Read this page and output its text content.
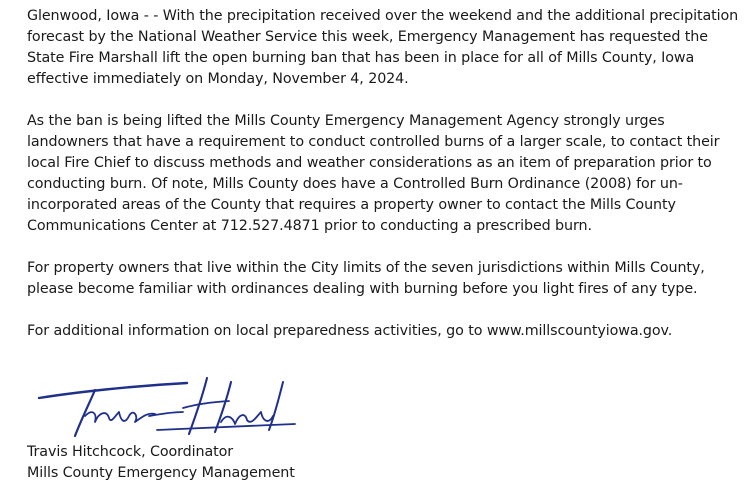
Glenwood, Iowa - - With the precipitation received over the weekend and the additional precipitation forecast by the National Weather Service this week, Emergency Management has requested the State Fire Marshall lift the open burning ban that has been in place for all of Mills County, Iowa effective immediately on Monday, November 4, 2024.

As the ban is being lifted the Mills County Emergency Management Agency strongly urges landowners that have a requirement to conduct controlled burns of a larger scale, to contact their local Fire Chief to discuss methods and weather considerations as an item of preparation prior to conducting burn. Of note, Mills County does have a Controlled Burn Ordinance (2008) for un-incorporated areas of the County that requires a property owner to contact the Mills County Communications Center at 712.527.4871 prior to conducting a prescribed burn.

For property owners that live within the City limits of the seven jurisdictions within Mills County, please become familiar with ordinances dealing with burning before you light fires of any type.

For additional information on local preparedness activities, go to www.millscountyiowa.gov.

Travis Hitchcock, Coordinator

Mills County Emergency Management
